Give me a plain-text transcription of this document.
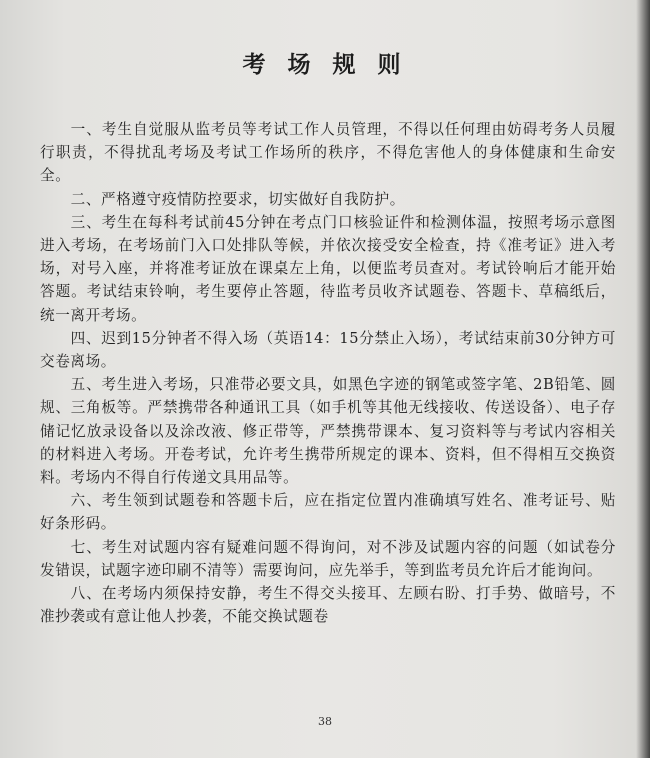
考 场 规 则

一、考生自觉服从监考员等考试工作人员管理，不得以任何理由妨碍考务人员履行职责，不得扰乱考场及考试工作场所的秩序，不得危害他人的身体健康和生命安全。

二、严格遵守疫情防控要求，切实做好自我防护。

三、考生在每科考试前45分钟在考点门口核验证件和检测体温，按照考场示意图进入考场，在考场前门入口处排队等候，并依次接受安全检查，持《准考证》进入考场，对号入座，并将准考证放在课桌左上角，以便监考员查对。考试铃响后才能开始答题。考试结束铃响，考生要停止答题，待监考员收齐试题卷、答题卡、草稿纸后，统一离开考场。

四、迟到15分钟者不得入场（英语14：15分禁止入场），考试结束前30分钟方可交卷离场。

五、考生进入考场，只准带必要文具，如黑色字迹的钢笔或签字笔、2B铅笔、圆规、三角板等。严禁携带各种通讯工具（如手机等其他无线接收、传送设备）、电子存储记忆放录设备以及涂改液、修正带等，严禁携带课本、复习资料等与考试内容相关的材料进入考场。开卷考试，允许考生携带所规定的课本、资料，但不得相互交换资料。考场内不得自行传递文具用品等。

六、考生领到试题卷和答题卡后，应在指定位置内准确填写姓名、准考证号、贴好条形码。

七、考生对试题内容有疑难问题不得询问，对不涉及试题内容的问题（如试卷分发错误，试题字迹印刷不清等）需要询问，应先举手，等到监考员允许后才能询问。

八、在考场内须保持安静，考生不得交头接耳、左顾右盼、打手势、做暗号，不准抄袭或有意让他人抄袭，不能交换试题卷

38
